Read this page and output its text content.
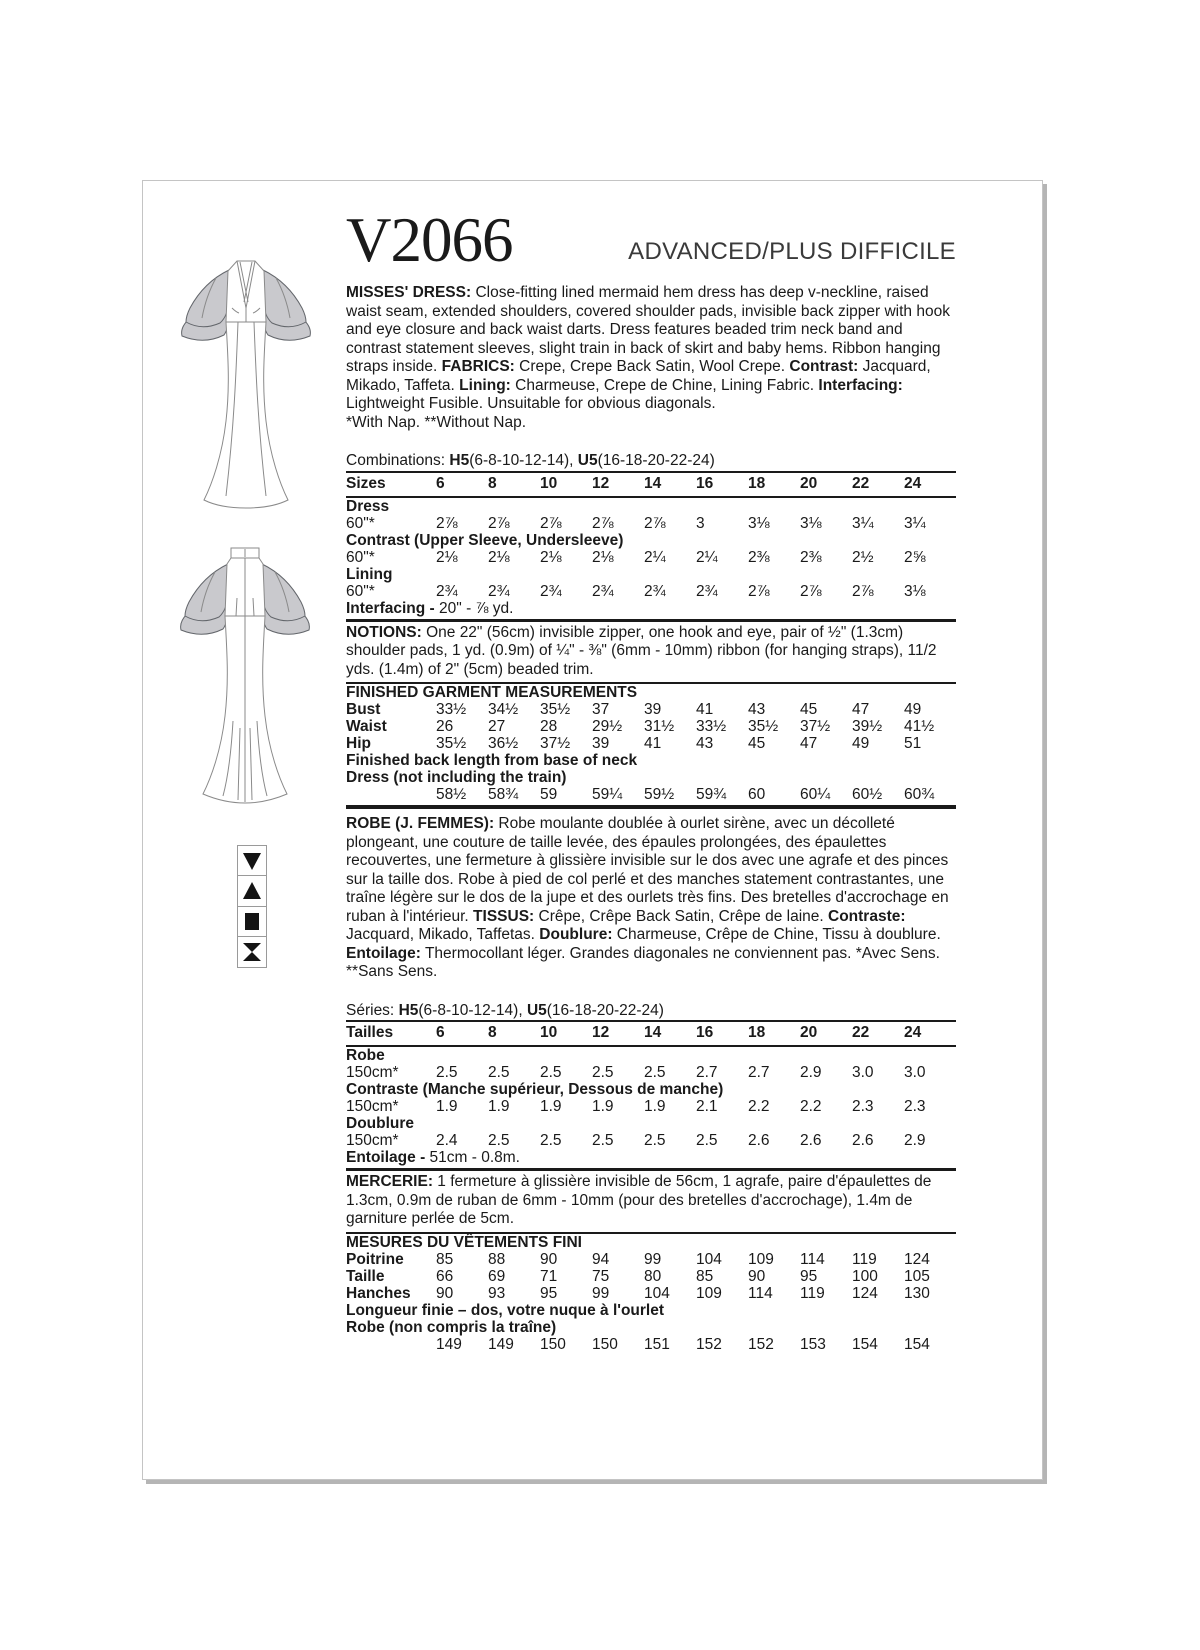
V2066	ADVANCED/PLUS DIFFICILE

MISSES' DRESS: Close-fitting lined mermaid hem dress has deep v-neckline, raised waist seam, extended shoulders, covered shoulder pads, invisible back zipper with hook and eye closure and back waist darts. Dress features beaded trim neck band and contrast statement sleeves, slight train in back of skirt and baby hems. Ribbon hanging straps inside. FABRICS: Crepe, Crepe Back Satin, Wool Crepe. Contrast: Jacquard, Mikado, Taffeta. Lining: Charmeuse, Crepe de Chine, Lining Fabric. Interfacing: Lightweight Fusible. Unsuitable for obvious diagonals.
*With Nap. **Without Nap.

Combinations: H5(6-8-10-12-14), U5(16-18-20-22-24)

Sizes	6	8	10	12	14	16	18	20	22	24
Dress
60"*	2⅞	2⅞	2⅞	2⅞	2⅞	3	3⅛	3⅛	3¼	3¼
Contrast (Upper Sleeve, Undersleeve)
60"*	2⅛	2⅛	2⅛	2⅛	2¼	2¼	2⅜	2⅜	2½	2⅝
Lining
60"*	2¾	2¾	2¾	2¾	2¾	2¾	2⅞	2⅞	2⅞	3⅛
Interfacing - 20" - ⅞ yd.

NOTIONS: One 22" (56cm) invisible zipper, one hook and eye, pair of ½" (1.3cm) shoulder pads, 1 yd. (0.9m) of ¼" - ⅜" (6mm - 10mm) ribbon (for hanging straps), 11/2 yds. (1.4m) of 2" (5cm) beaded trim.

FINISHED GARMENT MEASUREMENTS
Bust	33½	34½	35½	37	39	41	43	45	47	49
Waist	26	27	28	29½	31½	33½	35½	37½	39½	41½
Hip	35½	36½	37½	39	41	43	45	47	49	51
Finished back length from base of neck
Dress (not including the train)
58½	58¾	59	59¼	59½	59¾	60	60¼	60½	60¾

ROBE (J. FEMMES): Robe moulante doublée à ourlet sirène, avec un décolleté plongeant, une couture de taille levée, des épaules prolongées, des épaulettes recouvertes, une fermeture à glissière invisible sur le dos avec une agrafe et des pinces sur la taille dos. Robe à pied de col perlé et des manches statement contrastantes, une traîne légère sur le dos de la jupe et des ourlets très fins. Des bretelles d'accrochage en ruban à l'intérieur. TISSUS: Crêpe, Crêpe Back Satin, Crêpe de laine. Contraste: Jacquard, Mikado, Taffetas. Doublure: Charmeuse, Crêpe de Chine, Tissu à doublure. Entoilage: Thermocollant léger. Grandes diagonales ne conviennent pas. *Avec Sens. **Sans Sens.

Séries: H5(6-8-10-12-14), U5(16-18-20-22-24)

Tailles	6	8	10	12	14	16	18	20	22	24
Robe
150cm*	2.5	2.5	2.5	2.5	2.5	2.7	2.7	2.9	3.0	3.0
Contraste (Manche supérieur, Dessous de manche)
150cm*	1.9	1.9	1.9	1.9	1.9	2.1	2.2	2.2	2.3	2.3
Doublure
150cm*	2.4	2.5	2.5	2.5	2.5	2.5	2.6	2.6	2.6	2.9
Entoilage - 51cm - 0.8m.

MERCERIE: 1 fermeture à glissière invisible de 56cm, 1 agrafe, paire d'épaulettes de 1.3cm, 0.9m de ruban de 6mm - 10mm (pour des bretelles d'accrochage), 1.4m de garniture perlée de 5cm.

MESURES DU VÊTEMENTS FINI
Poitrine	85	88	90	94	99	104	109	114	119	124
Taille	66	69	71	75	80	85	90	95	100	105
Hanches	90	93	95	99	104	109	114	119	124	130
Longueur finie – dos, votre nuque à l'ourlet
Robe (non compris la traîne)
149	149	150	150	151	152	152	153	154	154
